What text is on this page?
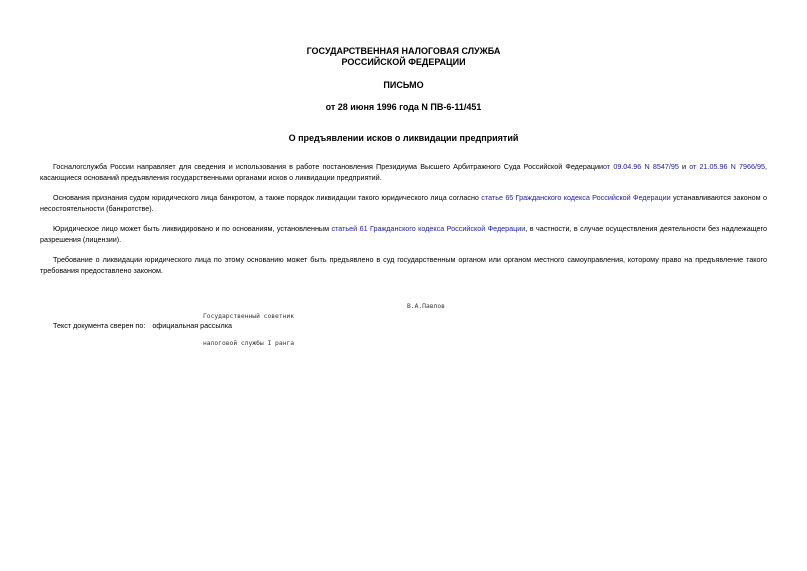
ГОСУДАРСТВЕННАЯ НАЛОГОВАЯ СЛУЖБА
РОССИЙСКОЙ ФЕДЕРАЦИИ
ПИСЬМО
от 28 июня 1996 года N ПВ-6-11/451
О предъявлении исков о ликвидации предприятий
Госналогслужба России направляет для сведения и использования в работе постановления Президиума Высшего Арбитражного Суда Российской Федерацииот 09.04.96 N 8547/95 и от 21.05.96 N 7966/95, касающиеся оснований предъявления государственными органами исков о ликвидации предприятий.
Основания признания судом юридического лица банкротом, а также порядок ликвидации такого юридического лица согласно статье 65 Гражданского кодекса Российской Федерации устанавливаются законом о несостоятельности (банкротстве).
Юридическое лицо может быть ликвидировано и по основаниям, установленным статьей 61 Гражданского кодекса Российской Федерации, в частности, в случае осуществления деятельности без надлежащего разрешения (лицензии).
Требование о ликвидации юридического лица по этому основанию может быть предъявлено в суд государственным органом или органом местного самоуправления, которому право на предъявление такого требования предоставлено законом.

Государственный советник

налоговой службы I ранга

В.А.Павлов
Текст документа сверен по: официальная рассылка
